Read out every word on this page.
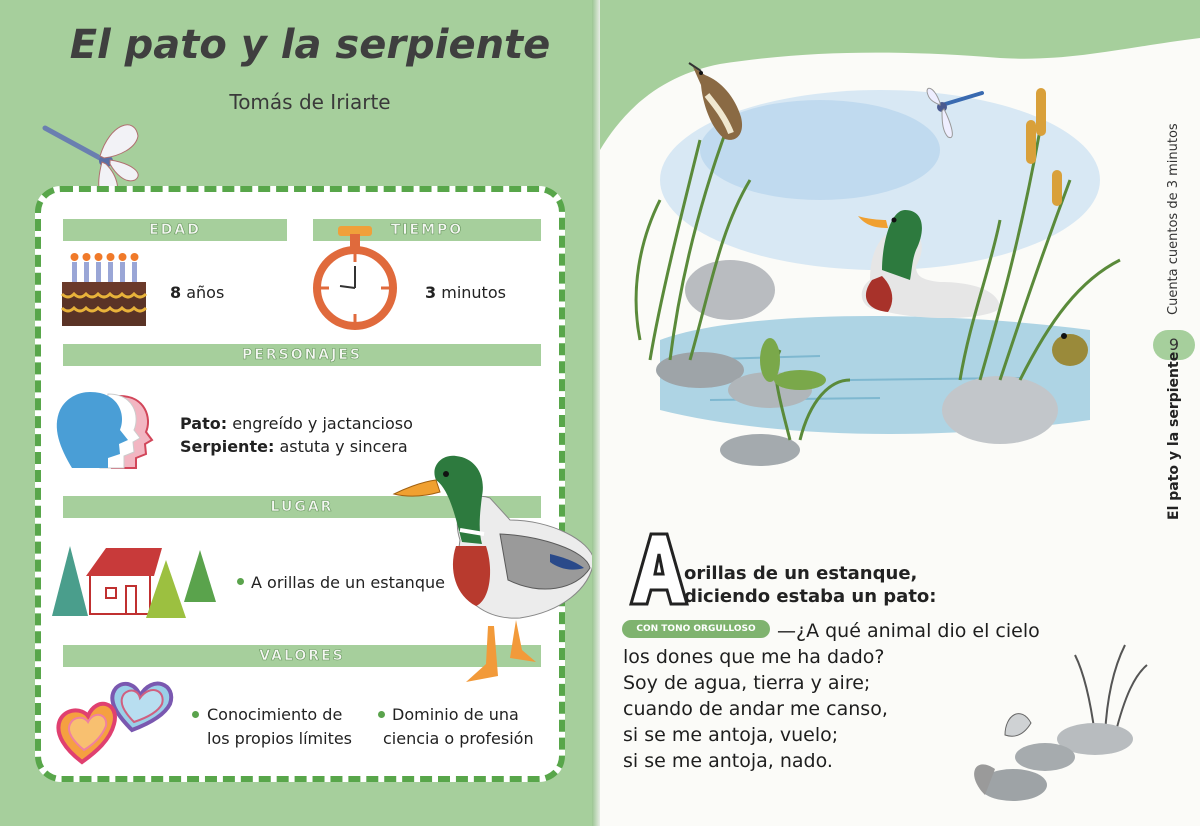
El pato y la serpiente
Tomás de Iriarte
EDAD
8 años
TIEMPO
3 minutos
PERSONAJES
Pato: engreído y jactancioso
Serpiente: astuta y sincera
LUGAR
A orillas de un estanque
VALORES
Conocimiento de
los propios límites
Dominio de una
ciencia o profesión
A
orillas de un estanque,
diciendo estaba un pato:
CON TONO ORGULLOSO	—¿A qué animal dio el cielo
los dones que me ha dado?
Soy de agua, tierra y aire;
cuando de andar me canso,
si se me antoja, vuelo;
si se me antoja, nado.
Cuenta cuentos de 3 minutos
9
El pato y la serpiente
